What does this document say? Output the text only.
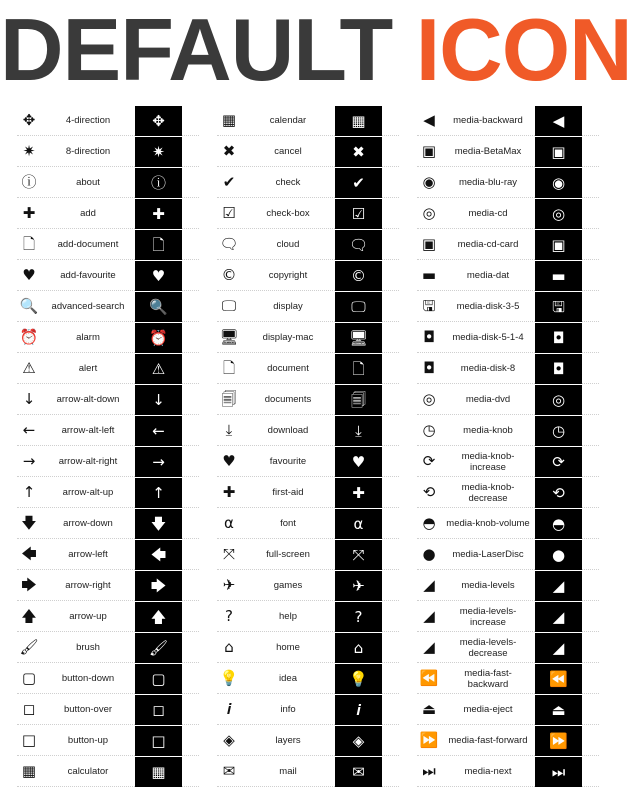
DEFAULT ICON
✥	4-direction	✥
✷	8-direction	✷
ⓘ	about	ⓘ
✚	add	✚
🗋	add-document	🗋
♥	add-favourite	♥
🔍	advanced-search	🔍
⏰	alarm	⏰
⚠	alert	⚠
↓	arrow-alt-down	↓
←	arrow-alt-left	←
→	arrow-alt-right	→
↑	arrow-alt-up	↑
🡇	arrow-down	🡇
🡄	arrow-left	🡄
🡆	arrow-right	🡆
🡅	arrow-up	🡅
🖌	brush	🖌
▢	button-down	▢
◻	button-over	◻
□	button-up	□
▦	calculator	▦
▦	calendar	▦
✖	cancel	✖
✔	check	✔
☑	check-box	☑
🗨	cloud	🗨
©	copyright	©
🖵	display	🖵
🖥	display-mac	🖥
🗋	document	🗋
🗐	documents	🗐
⤓	download	⤓
♥	favourite	♥
✚	first-aid	✚
α	font	α
⤧	full-screen	⤧
✈	games	✈
?	help	?
⌂	home	⌂
💡	idea	💡
𝒊	info	𝒊
◈	layers	◈
✉	mail	✉
◀	media-backward	◀
▣	media-BetaMax	▣
◉	media-blu-ray	◉
◎	media-cd	◎
▣	media-cd-card	▣
▬	media-dat	▬
🖫	media-disk-3-5	🖫
◘	media-disk-5-1-4	◘
◘	media-disk-8	◘
◎	media-dvd	◎
◷	media-knob	◷
⟳	media-knob-increase	⟳
⟲	media-knob-decrease	⟲
◓	media-knob-volume	◓
●	media-LaserDisc	●
◢	media-levels	◢
◢	media-levels-increase	◢
◢	media-levels-decrease	◢
⏪	media-fast-backward	⏪
⏏	media-eject	⏏
⏩	media-fast-forward	⏩
⏭	media-next	⏭
